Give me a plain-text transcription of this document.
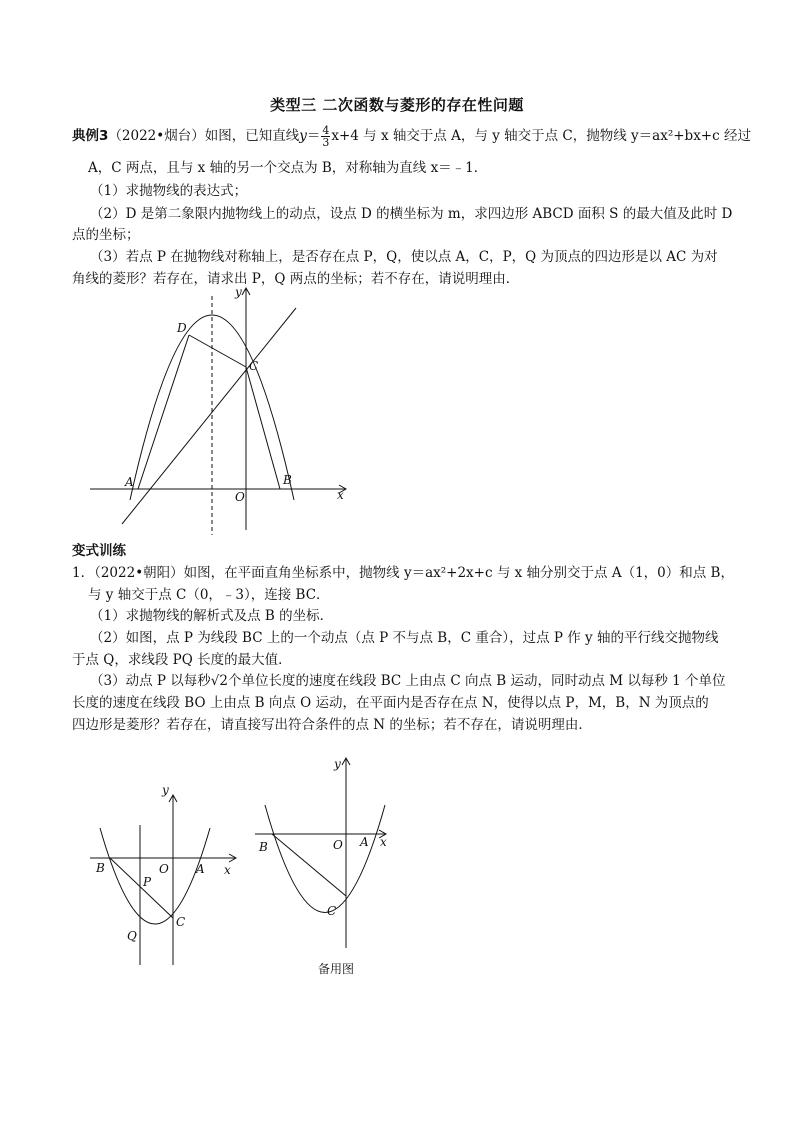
类型三 二次函数与菱形的存在性问题
典例3（2022•烟台）如图，已知直线$y= \frac{4}{3} x+4$ 与 x 轴交于点 A，与 y 轴交于点 C，抛物线 y＝ax²+bx+c 经过
A，C 两点，且与 x 轴的另一个交点为 B，对称轴为直线 x＝﹣1．
（1）求抛物线的表达式；
（2）D 是第二象限内抛物线上的动点，设点 D 的横坐标为 m，求四边形 ABCD 面积 S 的最大值及此时 D
点的坐标；
（3）若点 P 在抛物线对称轴上，是否存在点 P，Q，使以点 A，C，P，Q 为顶点的四边形是以 AC 为对
角线的菱形？若存在，请求出 P，Q 两点的坐标；若不存在，请说明理由．
y
x
D
C
A
O
B
变式训练
1．（2022•朝阳）如图，在平面直角坐标系中，抛物线 y＝ax²+2x+c 与 x 轴分别交于点 A（1，0）和点 B，
与 y 轴交于点 C（0，﹣3），连接 BC．
（1）求抛物线的解析式及点 B 的坐标．
（2）如图，点 P 为线段 BC 上的一个动点（点 P 不与点 B，C 重合），过点 P 作 y 轴的平行线交抛物线
于点 Q，求线段 PQ 长度的最大值．
（3）动点 P 以每秒√2个单位长度的速度在线段 BC 上由点 C 向点 B 运动，同时动点 M 以每秒 1 个单位
长度的速度在线段 BO 上由点 B 向点 O 运动，在平面内是否存在点 N，使得以点 P，M，B，N 为顶点的
四边形是菱形？若存在，请直接写出符合条件的点 N 的坐标；若不存在，请说明理由．
y
x
B	O A
P
C
Q
y
x
B	O A
C
备用图
